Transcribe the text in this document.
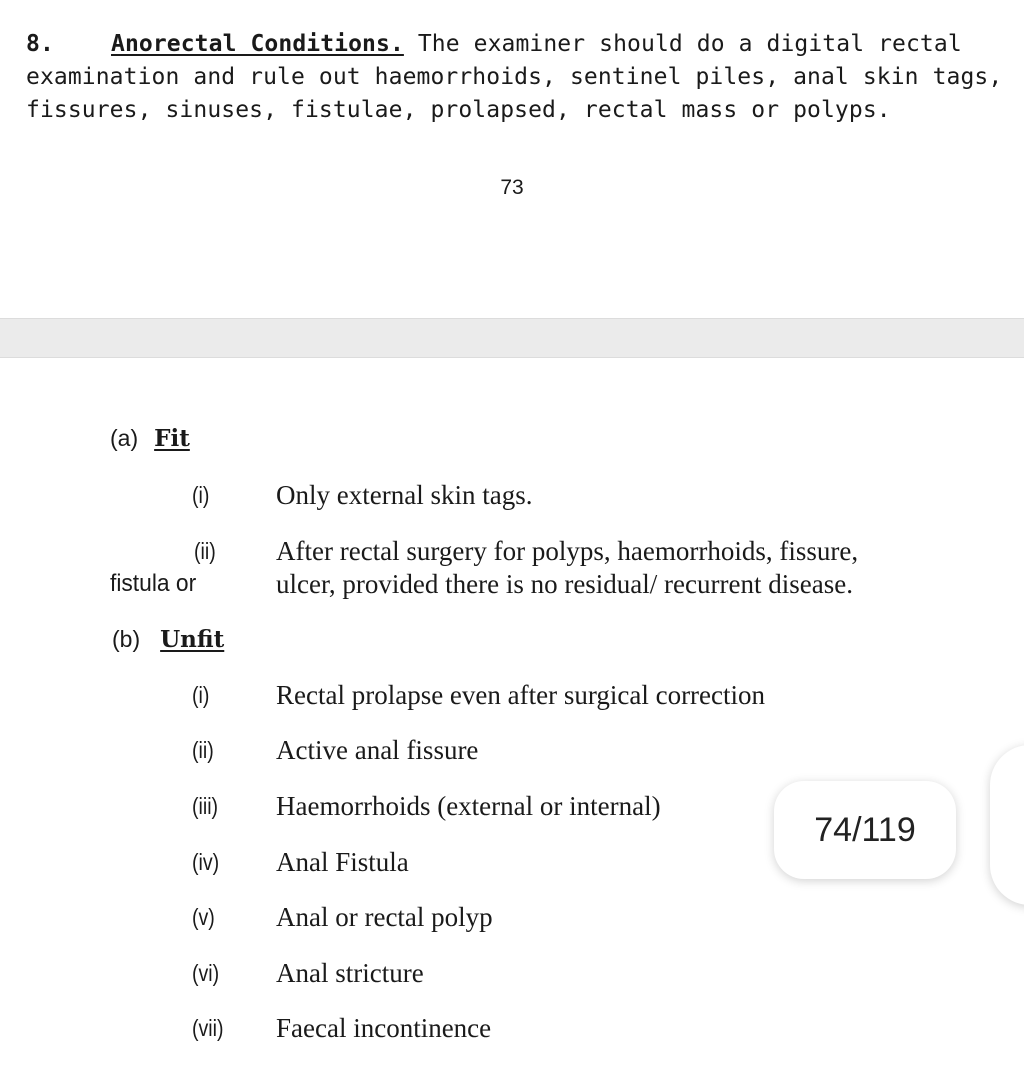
8. Anorectal Conditions. The examiner should do a digital rectal
examination and rule out haemorrhoids, sentinel piles, anal skin tags,
fissures, sinuses, fistulae, prolapsed, rectal mass or polyps.
73
(a) Fit
(i) Only external skin tags.
(ii) After rectal surgery for polyps, haemorrhoids, fissure,
fistula or	ulcer, provided there is no residual/ recurrent disease.
(b) Unfit
(i) Rectal prolapse even after surgical correction
(ii) Active anal fissure
(iii) Haemorrhoids (external or internal)
(iv) Anal Fistula
(v) Anal or rectal polyp
(vi) Anal stricture
(vii) Faecal incontinence
74/119
